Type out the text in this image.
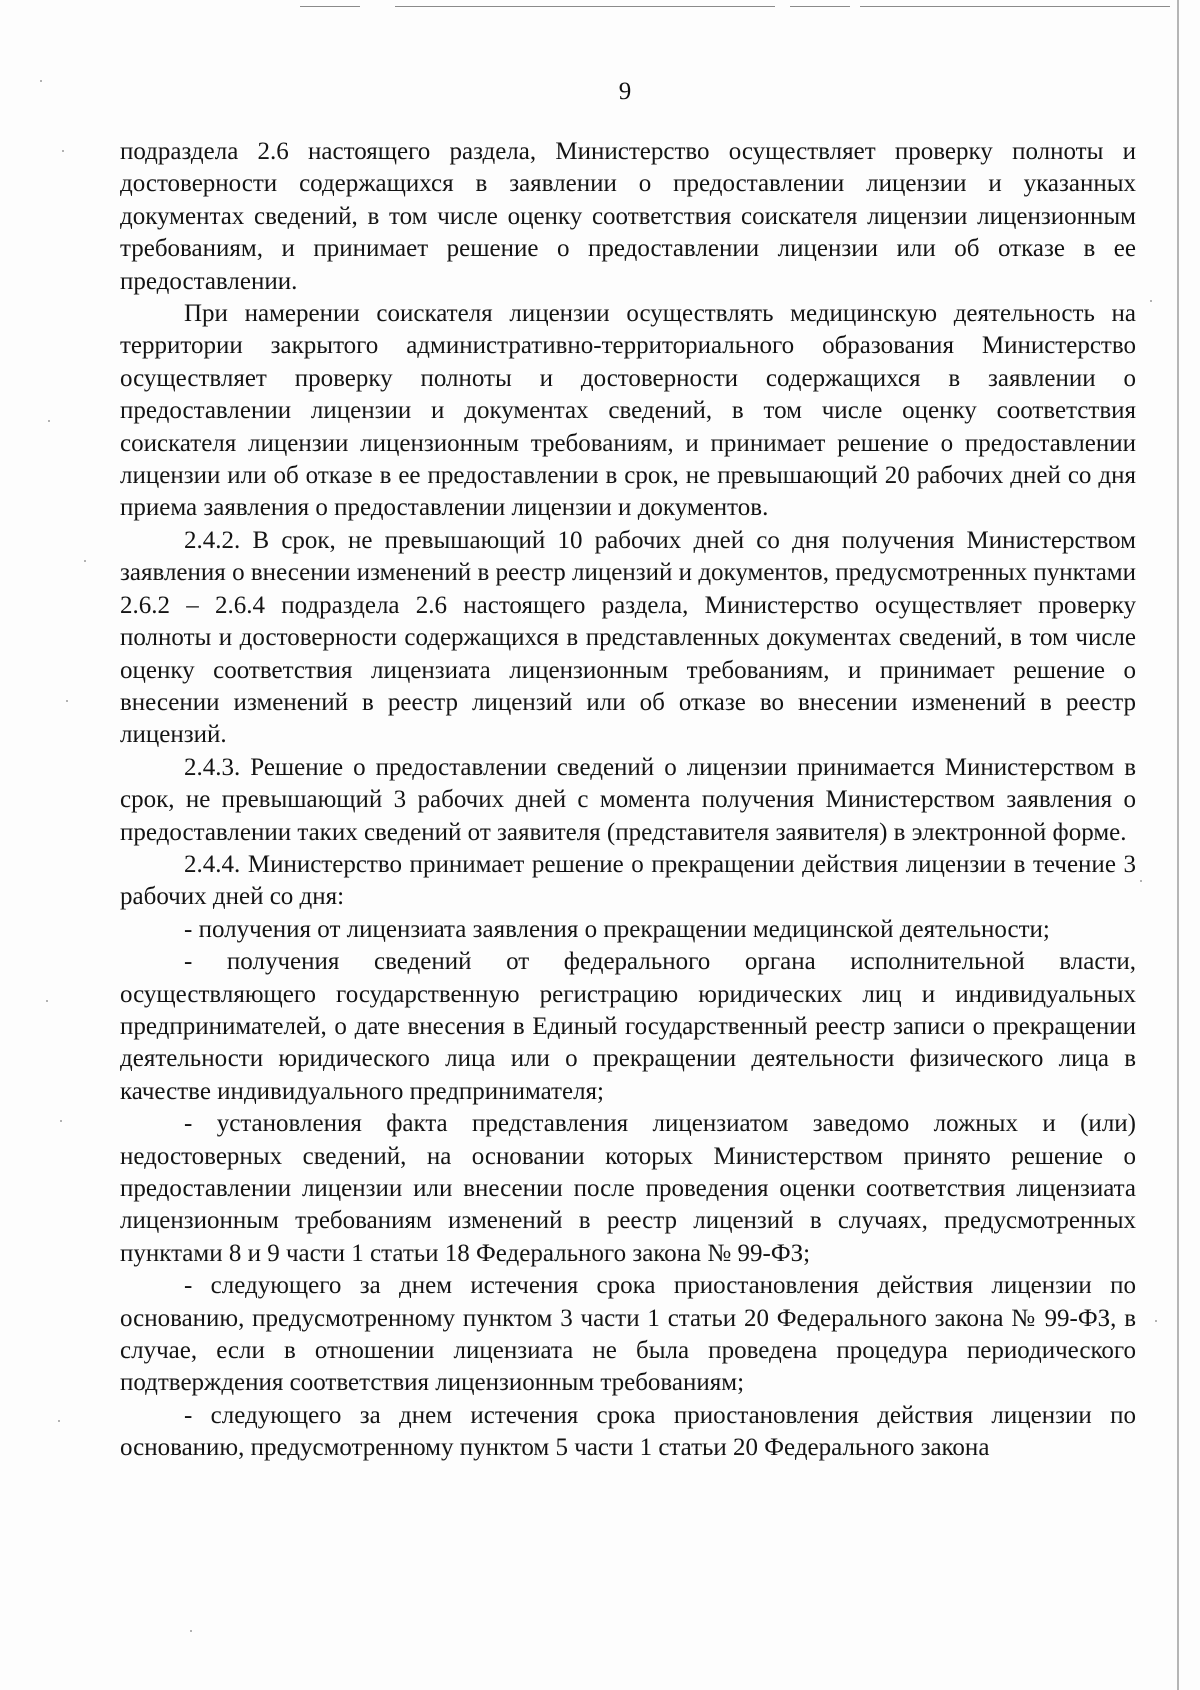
9

подраздела 2.6 настоящего раздела, Министерство осуществляет проверку полноты и достоверности содержащихся в заявлении о предоставлении лицензии и указанных документах сведений, в том числе оценку соответствия соискателя лицензии лицензионным требованиям, и принимает решение о предоставлении лицензии или об отказе в ее предоставлении.

При намерении соискателя лицензии осуществлять медицинскую деятельность на территории закрытого административно-территориального образования Министерство осуществляет проверку полноты и достоверности содержащихся в заявлении о предоставлении лицензии и документах сведений, в том числе оценку соответствия соискателя лицензии лицензионным требованиям, и принимает решение о предоставлении лицензии или об отказе в ее предоставлении в срок, не превышающий 20 рабочих дней со дня приема заявления о предоставлении лицензии и документов.

2.4.2. В срок, не превышающий 10 рабочих дней со дня получения Министерством заявления о внесении изменений в реестр лицензий и документов, предусмотренных пунктами 2.6.2 – 2.6.4 подраздела 2.6 настоящего раздела, Министерство осуществляет проверку полноты и достоверности содержащихся в представленных документах сведений, в том числе оценку соответствия лицензиата лицензионным требованиям, и принимает решение о внесении изменений в реестр лицензий или об отказе во внесении изменений в реестр лицензий.

2.4.3. Решение о предоставлении сведений о лицензии принимается Министерством в срок, не превышающий 3 рабочих дней с момента получения Министерством заявления о предоставлении таких сведений от заявителя (представителя заявителя) в электронной форме.

2.4.4. Министерство принимает решение о прекращении действия лицензии в течение 3 рабочих дней со дня:

- получения от лицензиата заявления о прекращении медицинской деятельности;

- получения сведений от федерального органа исполнительной власти, осуществляющего государственную регистрацию юридических лиц и индивидуальных предпринимателей, о дате внесения в Единый государственный реестр записи о прекращении деятельности юридического лица или о прекращении деятельности физического лица в качестве индивидуального предпринимателя;

- установления факта представления лицензиатом заведомо ложных и (или) недостоверных сведений, на основании которых Министерством принято решение о предоставлении лицензии или внесении после проведения оценки соответствия лицензиата лицензионным требованиям изменений в реестр лицензий в случаях, предусмотренных пунктами 8 и 9 части 1 статьи 18 Федерального закона № 99-ФЗ;

- следующего за днем истечения срока приостановления действия лицензии по основанию, предусмотренному пунктом 3 части 1 статьи 20 Федерального закона № 99-ФЗ, в случае, если в отношении лицензиата не была проведена процедура периодического подтверждения соответствия лицензионным требованиям;

- следующего за днем истечения срока приостановления действия лицензии по основанию, предусмотренному пунктом 5 части 1 статьи 20 Федерального закона
